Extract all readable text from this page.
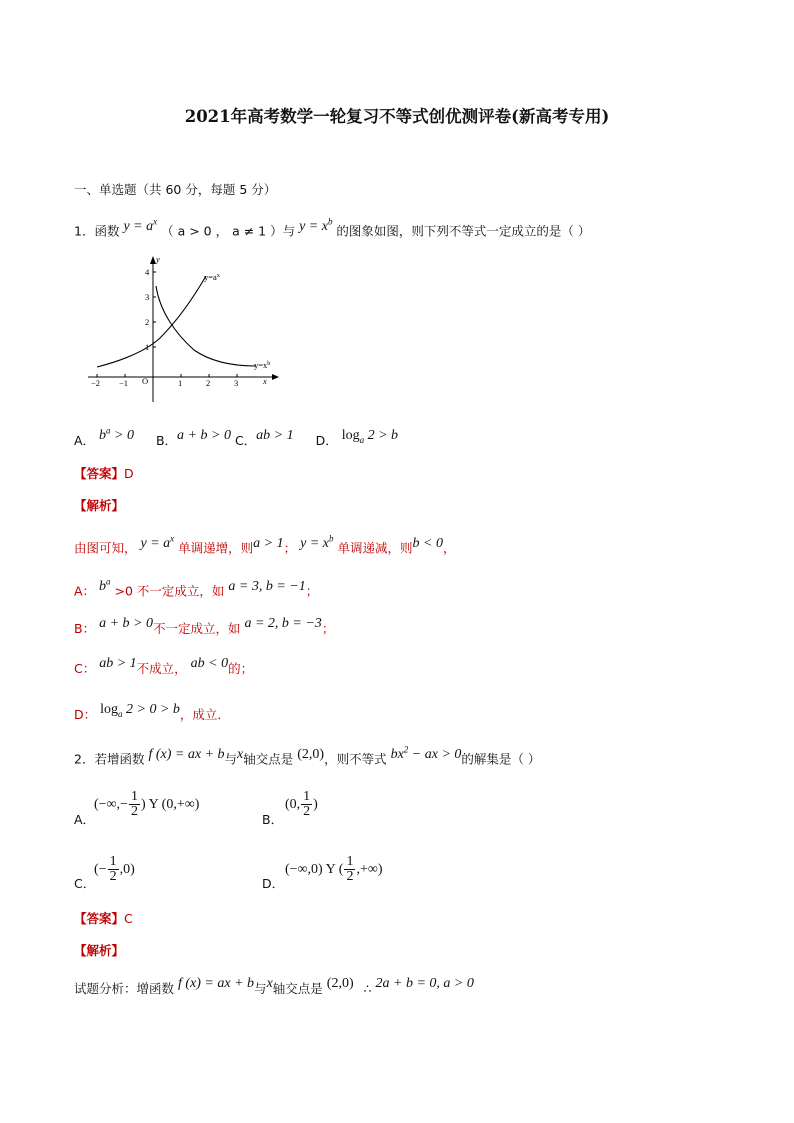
2021年高考数学一轮复习不等式创优测评卷(新高考专用)
一、单选题（共 60 分，每题 5 分）
1．函数 $y = a^x$ （ a > 0 ， a ≠ 1 ）与 $y = x^b$ 的图象如图，则下列不等式一定成立的是（ ）
$y=a^x$
$y=x^b$
x
y
O
−2 −1	1	2	3
1
2
3
4
A． $b^a > 0$ B．a + b > 0 C．ab > 1 D． $\log_a 2 > b$
【答案】D
【解析】
由图可知， $y = a^x$ 单调递增，则a > 1； $y = x^b$ 单调递减，则b < 0，
A： $b^a >0$ 不一定成立，如 a = 3, b = −1；
B： a + b > 0不一定成立，如 a = 2, b = −3；
C： ab > 1不成立， ab < 0的；
D： $\log_a 2 > 0 > b$，成立．
2．若增函数 f (x) = ax + b与x轴交点是 (2,0)，则不等式 $bx^2$ − ax > 0的解集是（ ）
(−∞,− $\frac{1}{2}$ ) Y (0,+∞)
A．
(0, $\frac{1}{2}$ )
B．
(− $\frac{1}{2} ,0$)
C．
(−∞,0) Y ( $\frac{1}{2}$ ,+∞)
D．
【答案】C
【解析】
试题分析：增函数 f (x) = ax + b与x轴交点是 (2,0) ∴ 2a + b = 0, a > 0
